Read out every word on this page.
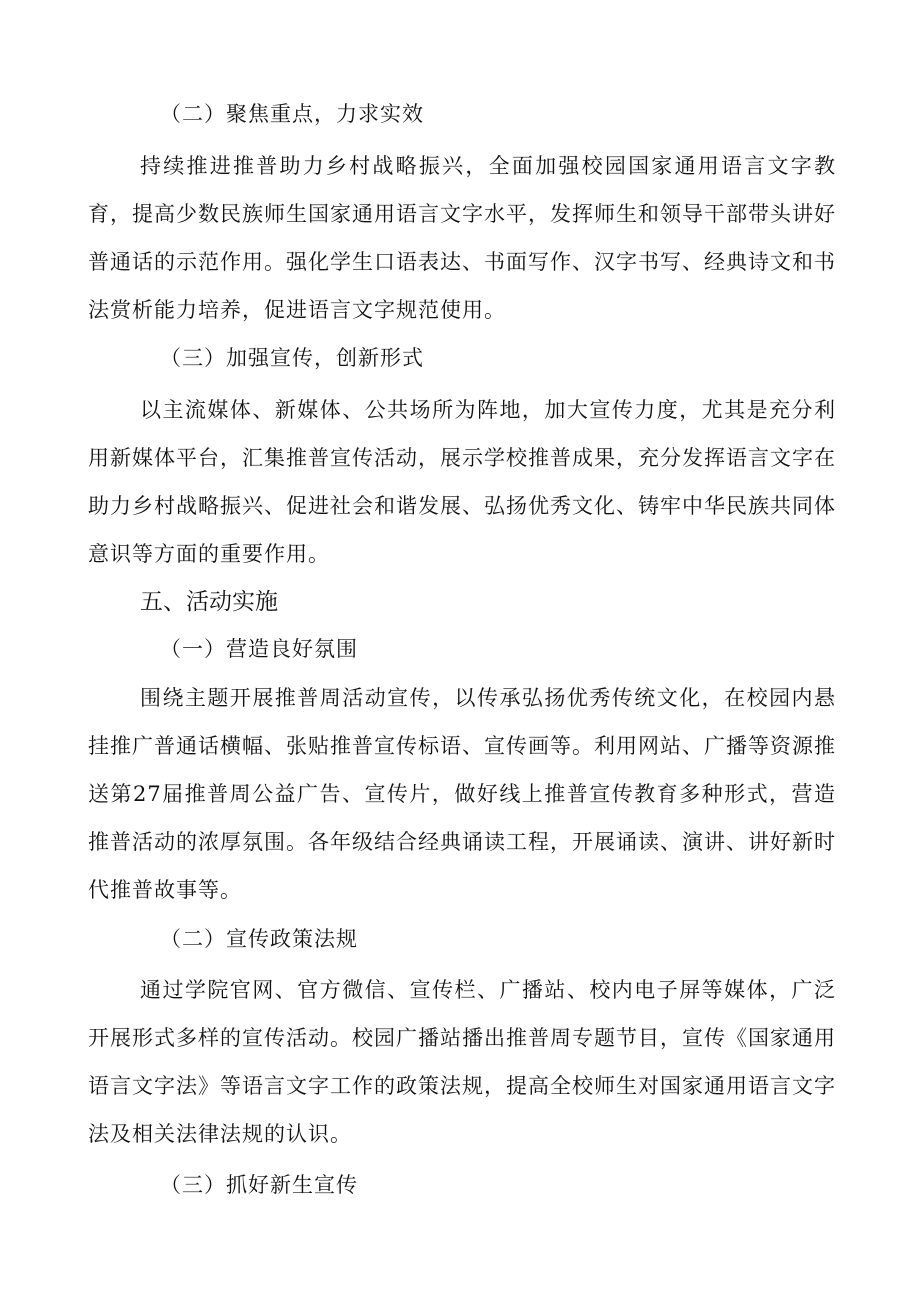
（二）聚焦重点，力求实效

持续推进推普助力乡村战略振兴，全面加强校园国家通用语言文字教育，提高少数民族师生国家通用语言文字水平，发挥师生和领导干部带头讲好普通话的示范作用。强化学生口语表达、书面写作、汉字书写、经典诗文和书法赏析能力培养，促进语言文字规范使用。

（三）加强宣传，创新形式

以主流媒体、新媒体、公共场所为阵地，加大宣传力度，尤其是充分利用新媒体平台，汇集推普宣传活动，展示学校推普成果，充分发挥语言文字在助力乡村战略振兴、促进社会和谐发展、弘扬优秀文化、铸牢中华民族共同体意识等方面的重要作用。

五、活动实施
（一）营造良好氛围

围绕主题开展推普周活动宣传，以传承弘扬优秀传统文化，在校园内悬挂推广普通话横幅、张贴推普宣传标语、宣传画等。利用网站、广播等资源推送第27届推普周公益广告、宣传片，做好线上推普宣传教育多种形式，营造推普活动的浓厚氛围。各年级结合经典诵读工程，开展诵读、演讲、讲好新时代推普故事等。

（二）宣传政策法规

通过学院官网、官方微信、宣传栏、广播站、校内电子屏等媒体，广泛开展形式多样的宣传活动。校园广播站播出推普周专题节目，宣传《国家通用语言文字法》等语言文字工作的政策法规，提高全校师生对国家通用语言文字法及相关法律法规的认识。

（三）抓好新生宣传
